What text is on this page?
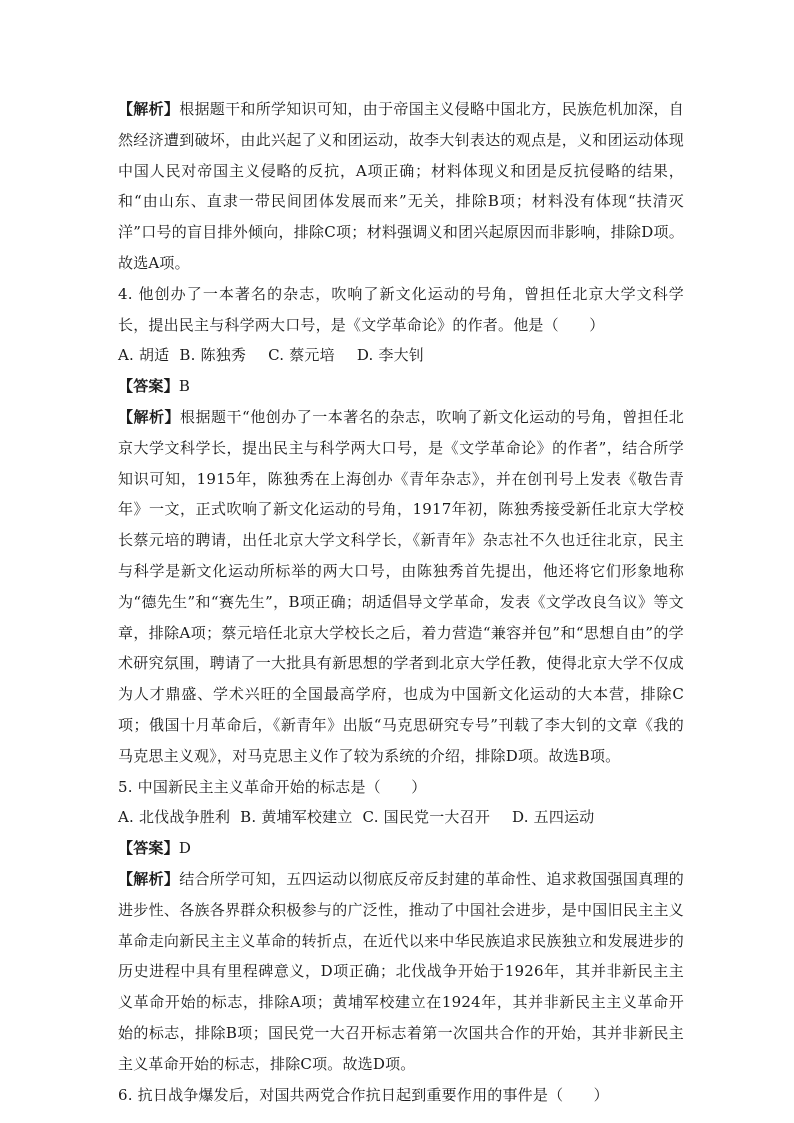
【解析】根据题干和所学知识可知，由于帝国主义侵略中国北方，民族危机加深，自然经济遭到破坏，由此兴起了义和团运动，故李大钊表达的观点是，义和团运动体现中国人民对帝国主义侵略的反抗，A项正确；材料体现义和团是反抗侵略的结果，和“由山东、直隶一带民间团体发展而来”无关，排除B项；材料没有体现“扶清灭洋”口号的盲目排外倾向，排除C项；材料强调义和团兴起原因而非影响，排除D项。故选A项。

4. 他创办了一本著名的杂志，吹响了新文化运动的号角，曾担任北京大学文科学长，提出民主与科学两大口号，是《文学革命论》的作者。他是（　　）

A. 胡适 B. 陈独秀 C. 蔡元培 D. 李大钊

【答案】B

【解析】根据题干“他创办了一本著名的杂志，吹响了新文化运动的号角，曾担任北京大学文科学长，提出民主与科学两大口号，是《文学革命论》的作者”，结合所学知识可知，1915年，陈独秀在上海创办《青年杂志》，并在创刊号上发表《敬告青年》一文，正式吹响了新文化运动的号角，1917年初，陈独秀接受新任北京大学校长蔡元培的聘请，出任北京大学文科学长，《新青年》杂志社不久也迁往北京，民主与科学是新文化运动所标举的两大口号，由陈独秀首先提出，他还将它们形象地称为“德先生”和“赛先生”，B项正确；胡适倡导文学革命，发表《文学改良刍议》等文章，排除A项；蔡元培任北京大学校长之后，着力营造“兼容并包”和“思想自由”的学术研究氛围，聘请了一大批具有新思想的学者到北京大学任教，使得北京大学不仅成为人才鼎盛、学术兴旺的全国最高学府，也成为中国新文化运动的大本营，排除C项；俄国十月革命后，《新青年》出版“马克思研究专号”刊载了李大钊的文章《我的马克思主义观》，对马克思主义作了较为系统的介绍，排除D项。故选B项。

5. 中国新民主主义革命开始的标志是（　　）

A. 北伐战争胜利 B. 黄埔军校建立 C. 国民党一大召开 D. 五四运动

【答案】D

【解析】结合所学可知，五四运动以彻底反帝反封建的革命性、追求救国强国真理的进步性、各族各界群众积极参与的广泛性，推动了中国社会进步，是中国旧民主主义革命走向新民主主义革命的转折点，在近代以来中华民族追求民族独立和发展进步的历史进程中具有里程碑意义，D项正确；北伐战争开始于1926年，其并非新民主主义革命开始的标志，排除A项；黄埔军校建立在1924年，其并非新民主主义革命开始的标志，排除B项；国民党一大召开标志着第一次国共合作的开始，其并非新民主主义革命开始的标志，排除C项。故选D项。

6. 抗日战争爆发后，对国共两党合作抗日起到重要作用的事件是（　　）
